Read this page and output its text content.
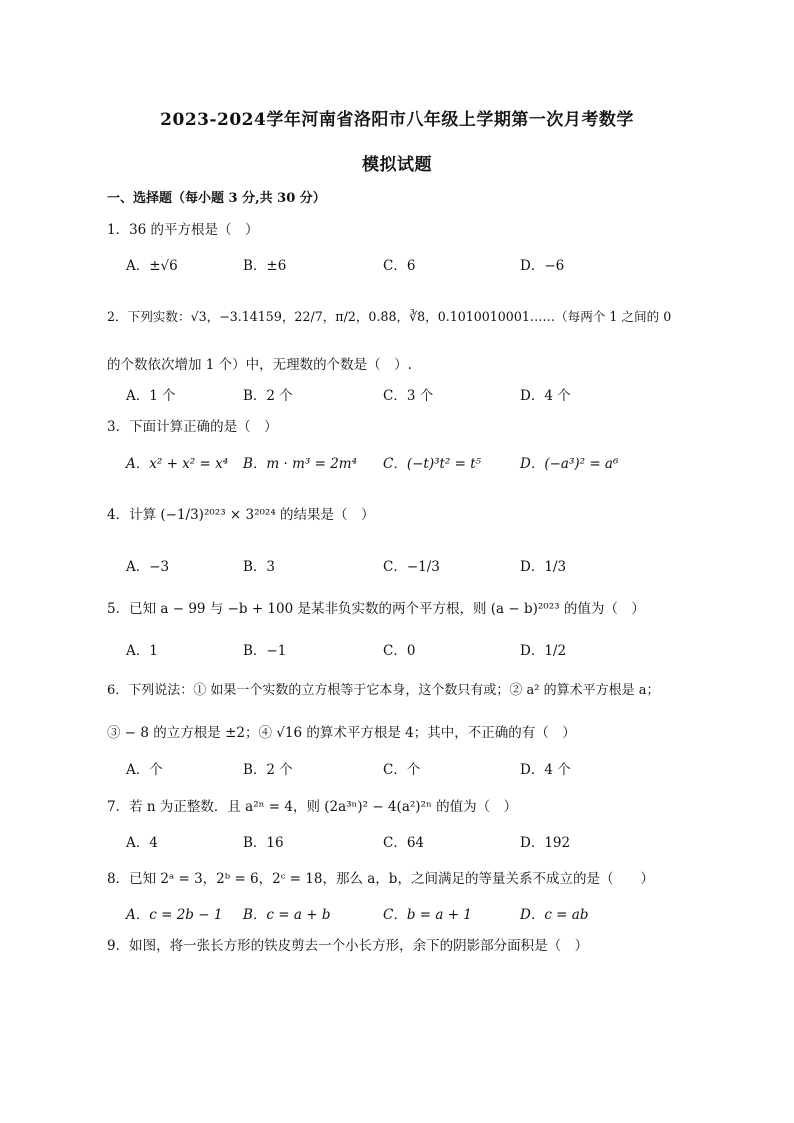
2023-2024学年河南省洛阳市八年级上学期第一次月考数学
模拟试题
一、选择题（每小题 3 分,共 30 分）
1．36 的平方根是（　）
A．±√6	B．±6	C．6	D．−6
2．下列实数：√3，−3.14159，22/7，π/2，0.8̇8̇，∛8，0.1010010001……（每两个 1 之间的 0
的个数依次增加 1 个）中，无理数的个数是（　）.
A．1 个	B．2 个	C．3 个	D．4 个
3．下面计算正确的是（　）
A．x² + x² = x⁴ B．m · m³ = 2m⁴ C．(−t)³t² = t⁵	D．(−a³)² = a⁶
4．计算 (−1/3)²⁰²³ × 3²⁰²⁴ 的结果是（　）
A．−3	B．3	C．−1/3	D．1/3
5．已知 a − 99 与 −b + 100 是某非负实数的两个平方根，则 (a − b)²⁰²³ 的值为（　）
A．1	B．−1	C．0	D．1/2
6．下列说法：① 如果一个实数的立方根等于它本身，这个数只有或；② a² 的算术平方根是 a；
③ − 8 的立方根是 ±2；④ √16 的算术平方根是 4；其中，不正确的有（　）
A．个	B．2 个	C．个	D．4 个
7．若 n 为正整数．且 a²ⁿ = 4，则 (2a³ⁿ)² − 4(a²)²ⁿ 的值为（　）
A．4	B．16	C．64	D．192
8．已知 2ᵃ = 3，2ᵇ = 6，2ᶜ = 18，那么 a，b，之间满足的等量关系不成立的是（　　）
A．c = 2b − 1 B．c = a + b	C．b = a + 1	D．c = ab
9．如图，将一张长方形的铁皮剪去一个小长方形，余下的阴影部分面积是（　）
